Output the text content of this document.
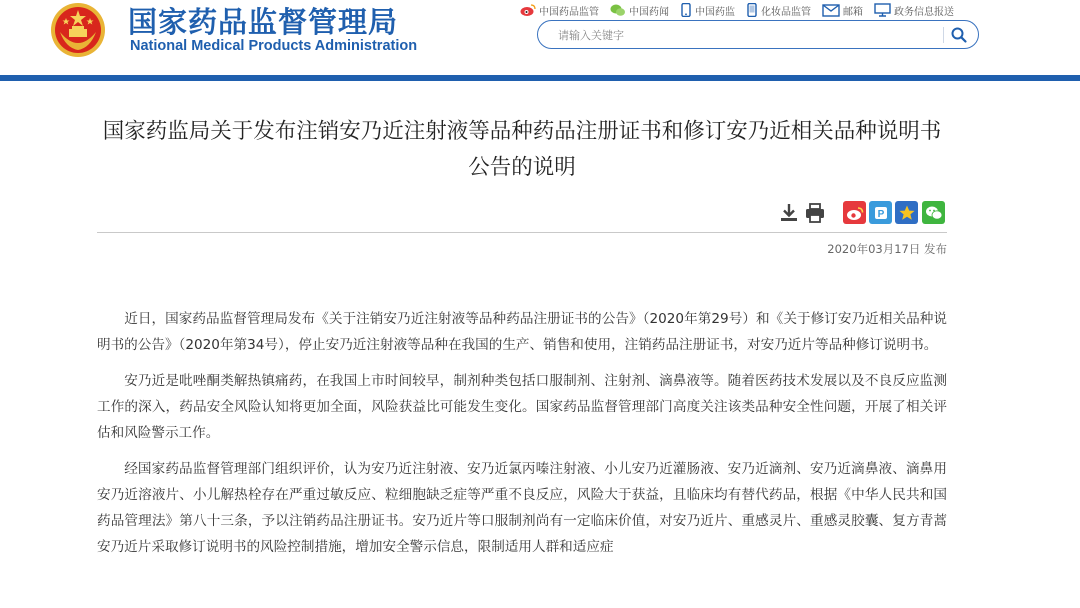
国家药品监督管理局
National Medical Products Administration
中国药品监管	中国药闻	中国药监	化妆品监管	邮箱	政务信息报送
请输入关键字
国家药监局关于发布注销安乃近注射液等品种药品注册证书和修订安乃近相关品种说明书公告的说明
P
2020年03月17日 发布

近日，国家药品监督管理局发布《关于注销安乃近注射液等品种药品注册证书的公告》（2020年第29号）和《关于修订安乃近相关品种说明书的公告》（2020年第34号），停止安乃近注射液等品种在我国的生产、销售和使用，注销药品注册证书，对安乃近片等品种修订说明书。

安乃近是吡唑酮类解热镇痛药，在我国上市时间较早，制剂种类包括口服制剂、注射剂、滴鼻液等。随着医药技术发展以及不良反应监测工作的深入，药品安全风险认知将更加全面，风险获益比可能发生变化。国家药品监督管理部门高度关注该类品种安全性问题，开展了相关评估和风险警示工作。

经国家药品监督管理部门组织评价，认为安乃近注射液、安乃近氯丙嗪注射液、小儿安乃近灌肠液、安乃近滴剂、安乃近滴鼻液、滴鼻用安乃近溶液片、小儿解热栓存在严重过敏反应、粒细胞缺乏症等严重不良反应，风险大于获益，且临床均有替代药品，根据《中华人民共和国药品管理法》第八十三条，予以注销药品注册证书。安乃近片等口服制剂尚有一定临床价值，对安乃近片、重感灵片、重感灵胶囊、复方青蒿安乃近片采取修订说明书的风险控制措施，增加安全警示信息，限制适用人群和适应症
